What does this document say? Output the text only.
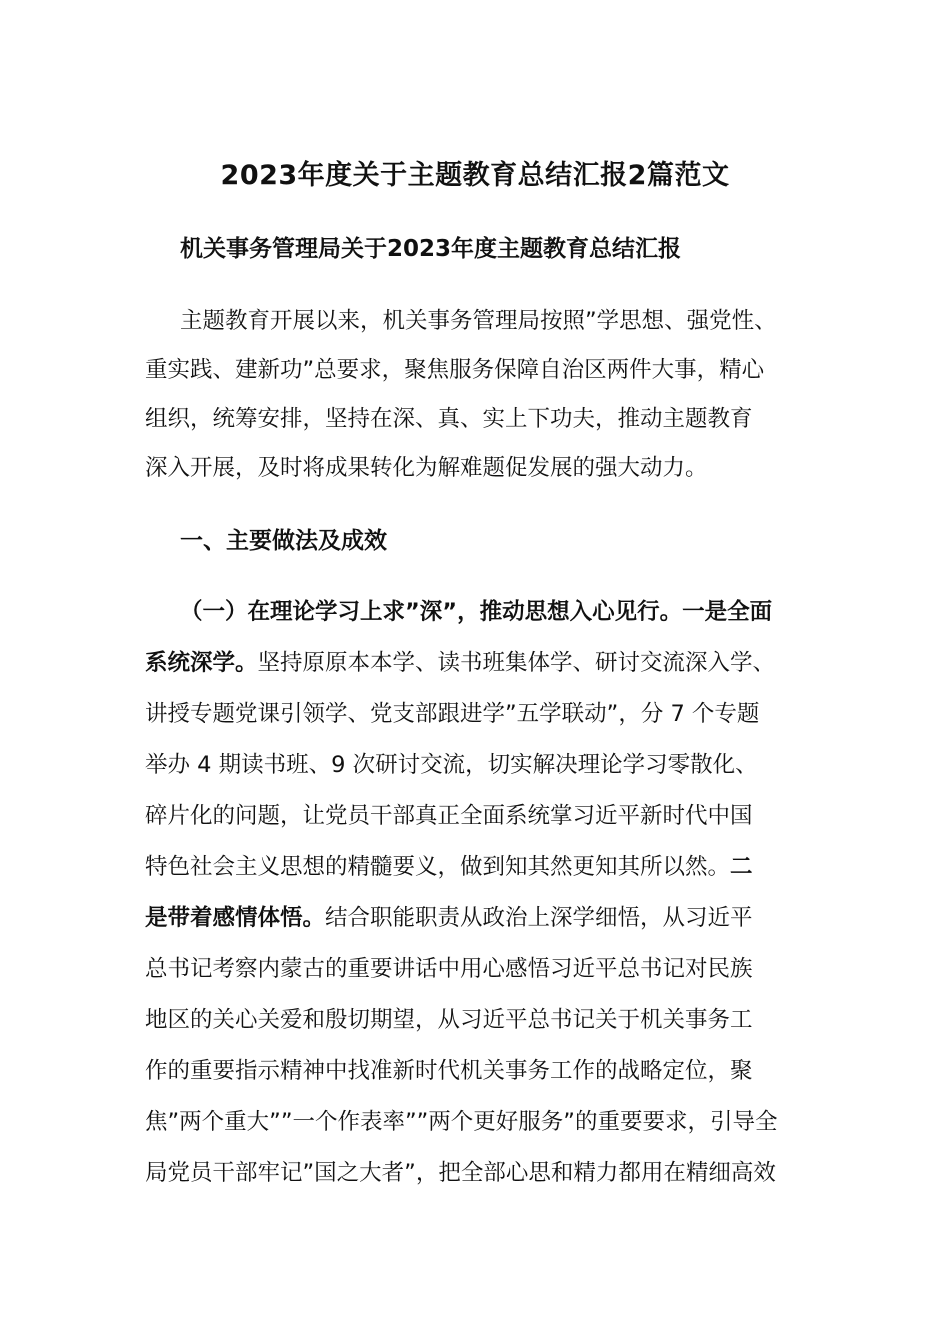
2023年度关于主题教育总结汇报2篇范文
机关事务管理局关于2023年度主题教育总结汇报

主题教育开展以来，机关事务管理局按照”学思想、强党性、

重实践、建新功”总要求，聚焦服务保障自治区两件大事，精心

组织，统筹安排，坚持在深、真、实上下功夫，推动主题教育

深入开展，及时将成果转化为解难题促发展的强大动力。

一、主要做法及成效

（一）在理论学习上求”深”，推动思想入心见行。一是全面

系统深学。坚持原原本本学、读书班集体学、研讨交流深入学、

讲授专题党课引领学、党支部跟进学”五学联动”，分 7 个专题

举办 4 期读书班、9 次研讨交流，切实解决理论学习零散化、

碎片化的问题，让党员干部真正全面系统掌习近平新时代中国

特色社会主义思想的精髓要义，做到知其然更知其所以然。二

是带着感情体悟。结合职能职责从政治上深学细悟，从习近平

总书记考察内蒙古的重要讲话中用心感悟习近平总书记对民族

地区的关心关爱和殷切期望，从习近平总书记关于机关事务工

作的重要指示精神中找准新时代机关事务工作的战略定位，聚

焦”两个重大””一个作表率””两个更好服务”的重要要求，引导全

局党员干部牢记”国之大者”，把全部心思和精力都用在精细高效
